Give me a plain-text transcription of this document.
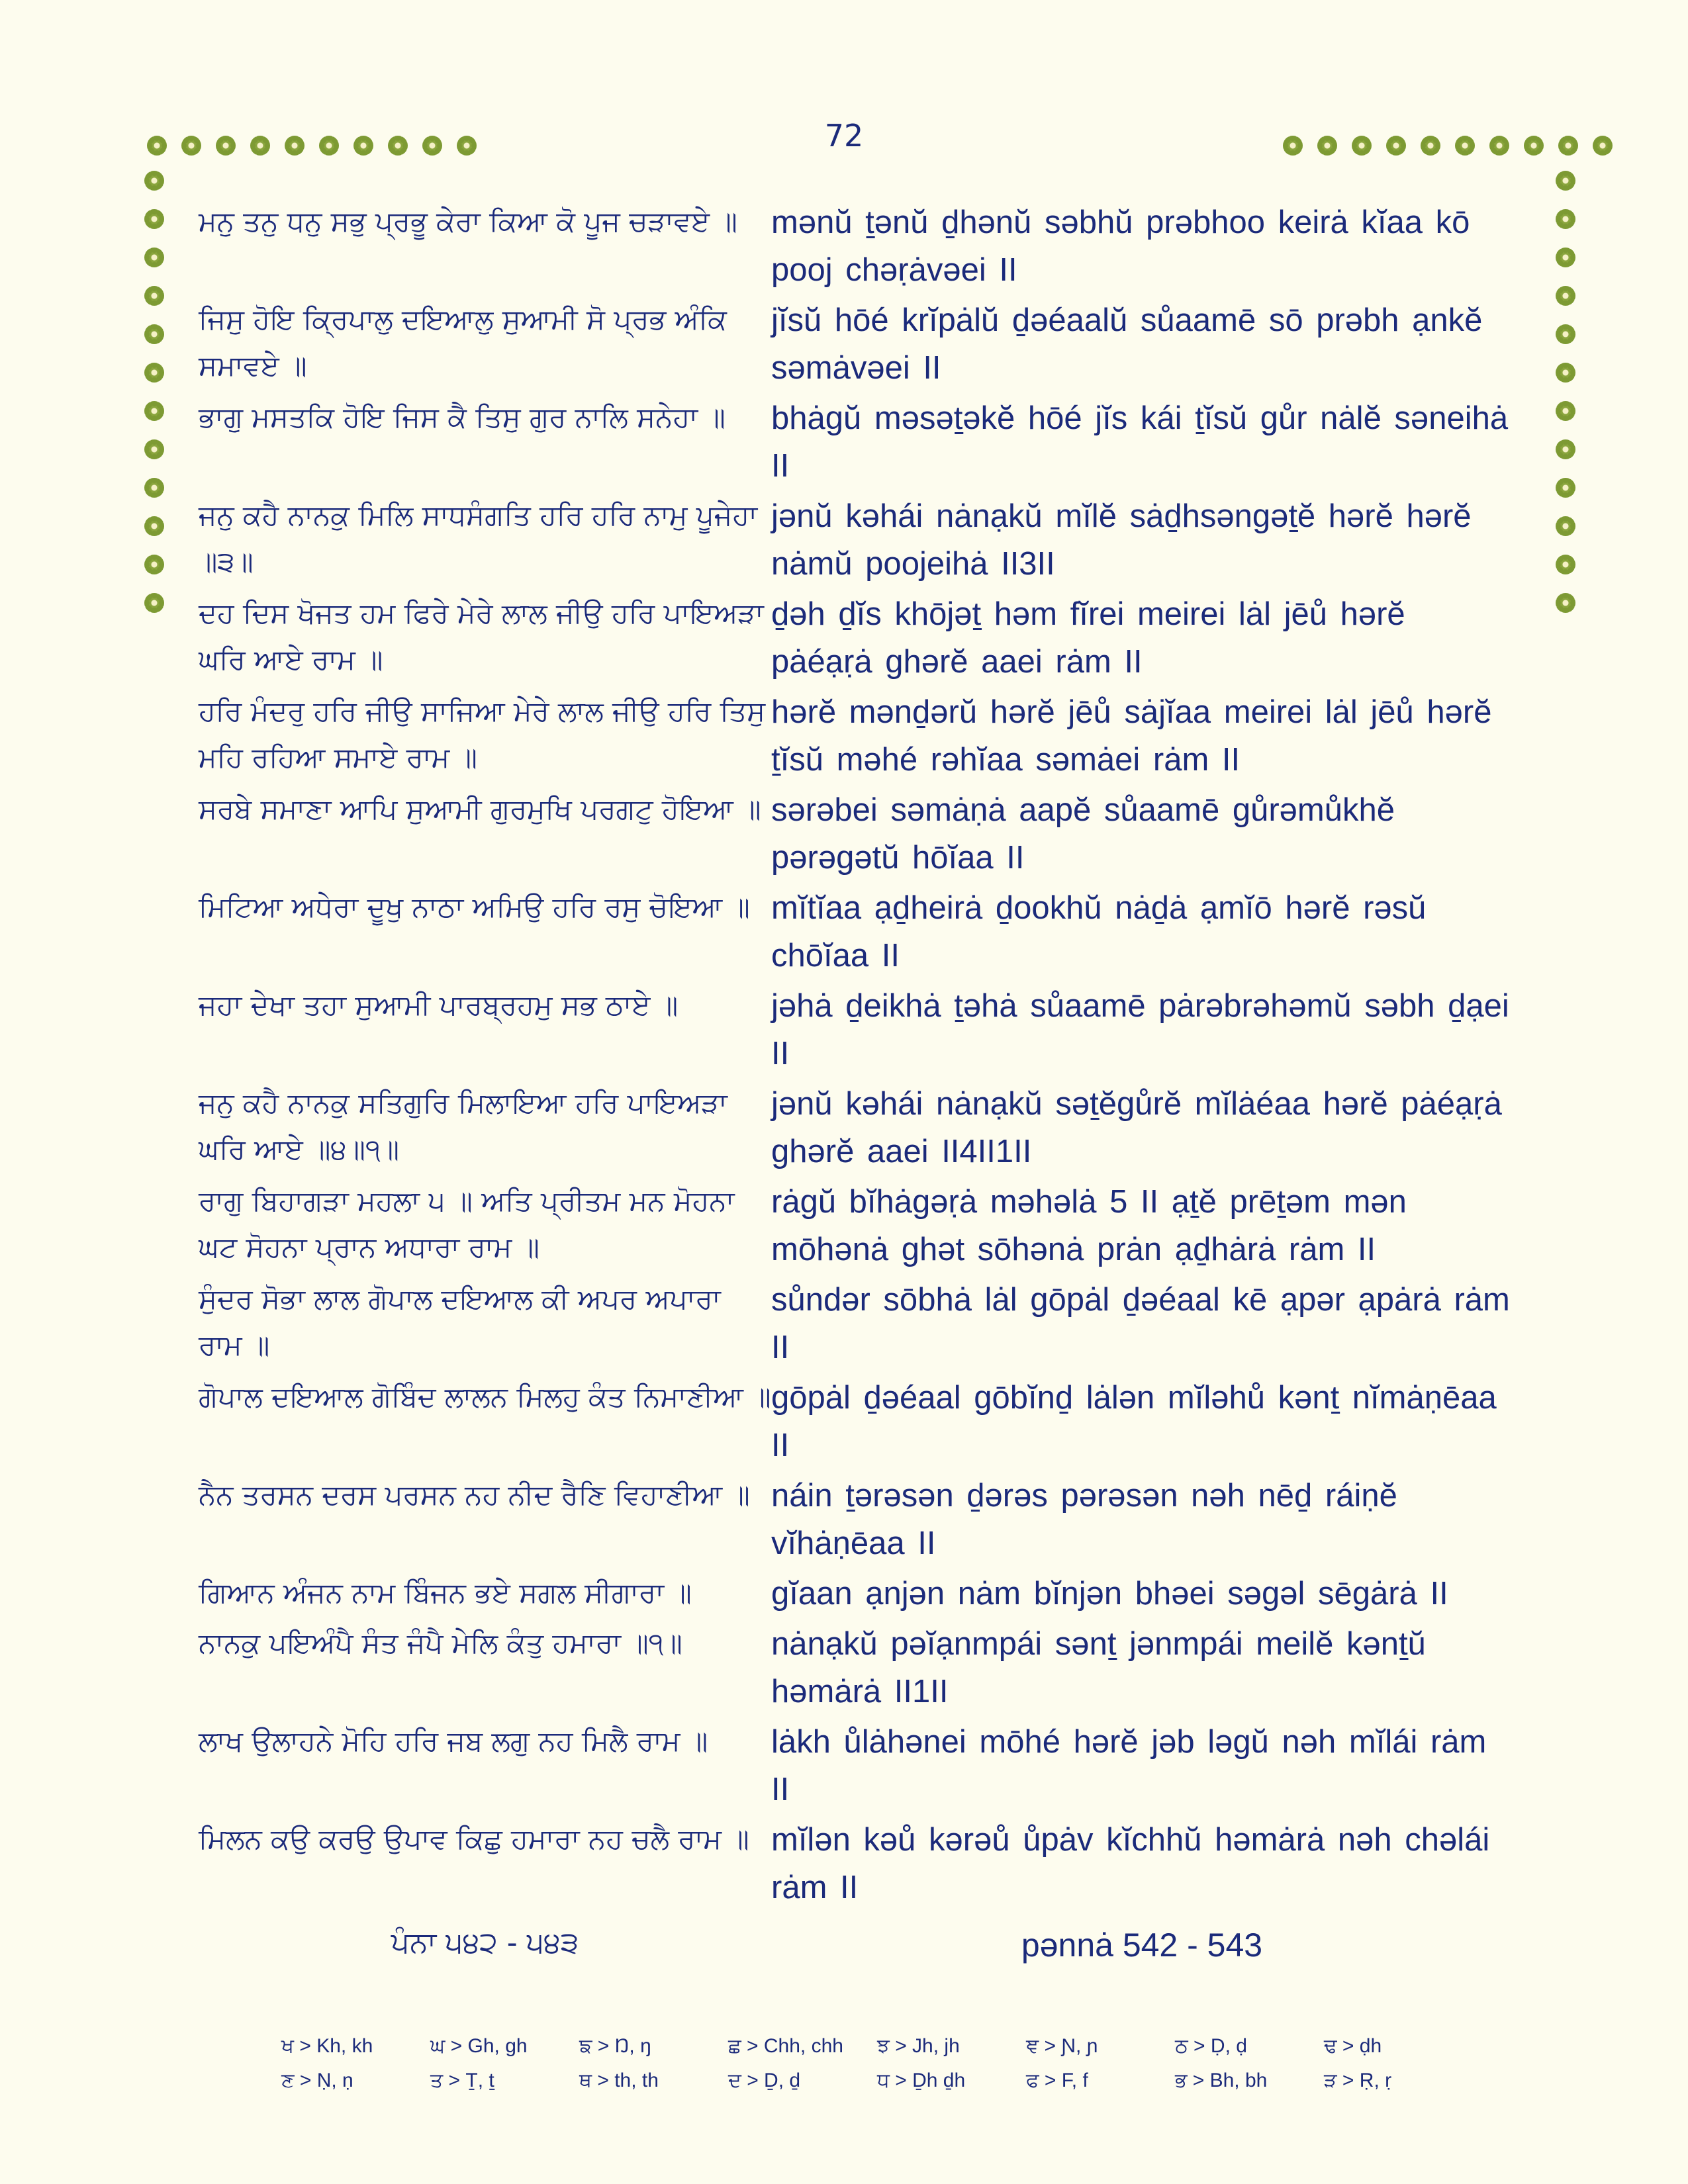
72
ਮਨੁ ਤਨੁ ਧਨੁ ਸਭੁ ਪ੍ਰਭੂ ਕੇਰਾ ਕਿਆ ਕੋ ਪੂਜ ਚੜਾਵਏ ॥	mənŭ ṯənŭ ḏhənŭ səbhŭ prəbhoo keirȧ kĭaa kō pooj chəṛȧvəei II
ਜਿਸੁ ਹੋਇ ਕ੍ਰਿਪਾਲੁ ਦਇਆਲੁ ਸੁਆਮੀ ਸੋ ਪ੍ਰਭ ਅੰਕਿ ਸਮਾਵਏ ॥
jĭsŭ hōé krĭpȧlŭ ḏəéaalŭ sůaamē sō prəbh ạnkĕ səmȧvəei II
ਭਾਗੁ ਮਸਤਕਿ ਹੋਇ ਜਿਸ ਕੈ ਤਿਸੁ ਗੁਰ ਨਾਲਿ ਸਨੇਹਾ ॥	bhȧgŭ məsəṯəkĕ hōé jĭs kái ṯĭsŭ gůr nȧlĕ səneihȧ II
ਜਨੁ ਕਹੈ ਨਾਨਕੁ ਮਿਲਿ ਸਾਧਸੰਗਤਿ ਹਰਿ ਹਰਿ ਨਾਮੁ ਪੂਜੇਹਾ ॥੩॥
jənŭ kəhái nȧnạkŭ mĭlĕ sȧḏhsəngəṯĕ hərĕ hərĕ nȧmŭ poojeihȧ II3II
ਦਹ ਦਿਸ ਖੋਜਤ ਹਮ ਫਿਰੇ ਮੇਰੇ ਲਾਲ ਜੀਉ ਹਰਿ ਪਾਇਅੜਾ ਘਰਿ ਆਏ ਰਾਮ ॥
ḏəh ḏĭs khōjəṯ həm fĭrei meirei lȧl jēů hərĕ pȧéạṛȧ ghərĕ aaei rȧm II
ਹਰਿ ਮੰਦਰੁ ਹਰਿ ਜੀਉ ਸਾਜਿਆ ਮੇਰੇ ਲਾਲ ਜੀਉ ਹਰਿ ਤਿਸੁ ਮਹਿ ਰਹਿਆ ਸਮਾਏ ਰਾਮ ॥
hərĕ mənḏərŭ hərĕ jēů sȧjĭaa meirei lȧl jēů hərĕ ṯĭsŭ məhé rəhĭaa səmȧei rȧm II
ਸਰਬੇ ਸਮਾਣਾ ਆਪਿ ਸੁਆਮੀ ਗੁਰਮੁਖਿ ਪਰਗਟੁ ਹੋਇਆ ॥ sərəbei səmȧṇȧ aapĕ sůaamē gůrəmůkhĕ pərəgətŭ hōĭaa II
ਮਿਟਿਆ ਅਧੇਰਾ ਦੂਖੁ ਨਾਠਾ ਅਮਿਉ ਹਰਿ ਰਸੁ ਚੋਇਆ ॥ mĭtĭaa ạḏheirȧ ḏookhŭ nȧḏȧ ạmĭō hərĕ rəsŭ chōĭaa II
ਜਹਾ ਦੇਖਾ ਤਹਾ ਸੁਆਮੀ ਪਾਰਬ੍ਰਹਮੁ ਸਭ ਠਾਏ ॥	jəhȧ ḏeikhȧ ṯəhȧ sůaamē pȧrəbrəhəmŭ səbh ḏạei II
ਜਨੁ ਕਹੈ ਨਾਨਕੁ ਸਤਿਗੁਰਿ ਮਿਲਾਇਆ ਹਰਿ ਪਾਇਅੜਾ ਘਰਿ ਆਏ ॥੪॥੧॥
jənŭ kəhái nȧnạkŭ səṯĕgůrĕ mĭlȧéaa hərĕ pȧéạṛȧ ghərĕ aaei II4II1II
ਰਾਗੁ ਬਿਹਾਗੜਾ ਮਹਲਾ ੫ ॥ ਅਤਿ ਪ੍ਰੀਤਮ ਮਨ ਮੋਹਨਾ ਘਟ ਸੋਹਨਾ ਪ੍ਰਾਨ ਅਧਾਰਾ ਰਾਮ ॥
rȧgŭ bĭhȧgəṛȧ məhəlȧ 5 II ạṯĕ prēṯəm mən mōhənȧ ghət sōhənȧ prȧn ạḏhȧrȧ rȧm II
ਸੁੰਦਰ ਸੋਭਾ ਲਾਲ ਗੋਪਾਲ ਦਇਆਲ ਕੀ ਅਪਰ ਅਪਾਰਾ ਰਾਮ ॥
sůndər sōbhȧ lȧl gōpȧl ḏəéaal kē ạpər ạpȧrȧ rȧm II
ਗੋਪਾਲ ਦਇਆਲ ਗੋਬਿੰਦ ਲਾਲਨ ਮਿਲਹੁ ਕੰਤ ਨਿਮਾਣੀਆ ॥ gōpȧl ḏəéaal gōbĭnḏ lȧlən mĭləhů kənṯ nĭmȧṇēaa II
ਨੈਨ ਤਰਸਨ ਦਰਸ ਪਰਸਨ ਨਹ ਨੀਦ ਰੈਣਿ ਵਿਹਾਣੀਆ ॥ náin ṯərəsən ḏərəs pərəsən nəh nēḏ ráiṇĕ vĭhȧṇēaa II
ਗਿਆਨ ਅੰਜਨ ਨਾਮ ਬਿੰਜਨ ਭਏ ਸਗਲ ਸੀਗਾਰਾ ॥	gĭaan ạnjən nȧm bĭnjən bhəei səgəl sēgȧrȧ II
ਨਾਨਕੁ ਪਇਅੰਪੈ ਸੰਤ ਜੰਪੈ ਮੇਲਿ ਕੰਤੁ ਹਮਾਰਾ ॥੧॥	nȧnạkŭ pəĭạnmpái sənṯ jənmpái meilĕ kənṯŭ həmȧrȧ II1II
ਲਾਖ ਉਲਾਹਨੇ ਮੋਹਿ ਹਰਿ ਜਬ ਲਗੁ ਨਹ ਮਿਲੈ ਰਾਮ ॥	lȧkh ůlȧhənei mōhé hərĕ jəb ləgŭ nəh mĭlái rȧm II
ਮਿਲਨ ਕਉ ਕਰਉ ਉਪਾਵ ਕਿਛੁ ਹਮਾਰਾ ਨਹ ਚਲੈ ਰਾਮ ॥ mĭlən kəů kərəů ůpȧv kĭchhŭ həmȧrȧ nəh chəlái rȧm II
ਪੰਨਾ ੫੪੨ - ੫੪੩	pənnȧ 542 - 543
ਖ > Kh, kh	ਘ > Gh, gh	ਙ > Ŋ, ŋ	ਛ > Chh, chh	ਝ > Jh, jh	ਞ > Ɲ, ɲ	ਠ > Ḍ, ḍ	ਢ > ḍh
ਣ > Ṇ, ṇ	ਤ > Ṯ, ṯ	ਥ > th, th	ਦ > Ḏ, ḏ	ਧ > Ḏh ḏh	ਫ > F, f	ਭ > Bh, bh	ੜ > Ṛ, ṛ
